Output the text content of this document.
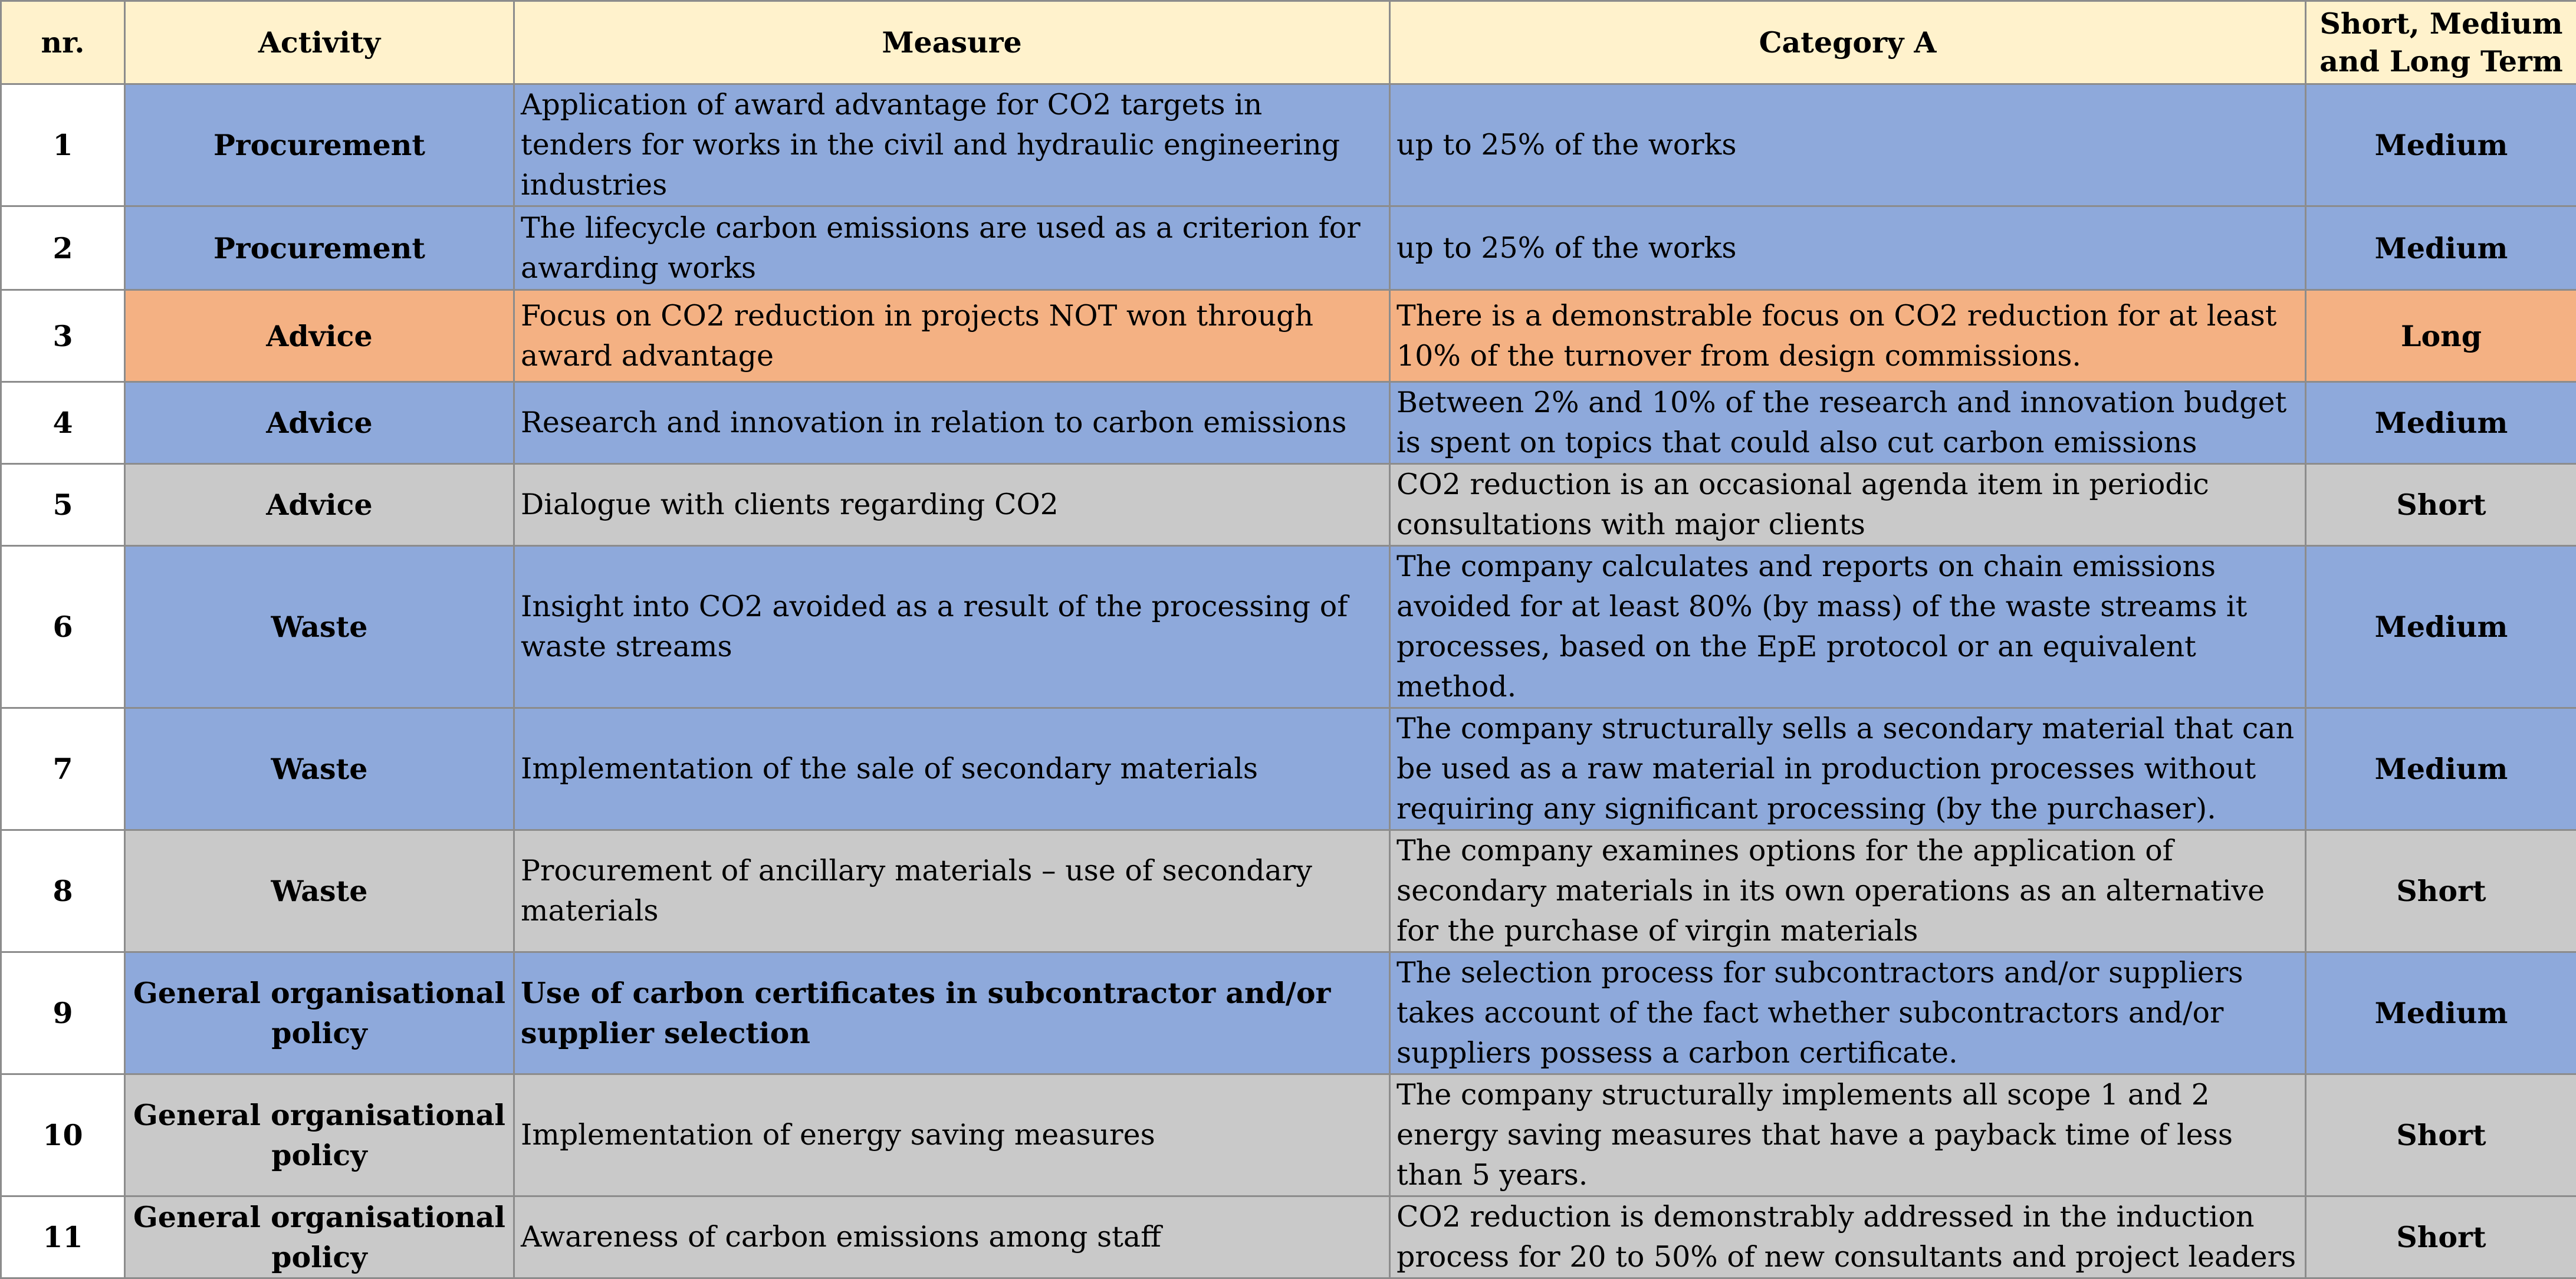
nr.	Activity	Measure	Category A	Short, Medium and Long Term
1	Procurement	Application of award advantage for CO2 targets in tenders for works in the civil and hydraulic engineering industries	up to 25% of the works	Medium
2	Procurement	The lifecycle carbon emissions are used as a criterion for awarding works	up to 25% of the works	Medium
3	Advice	Focus on CO2 reduction in projects NOT won through award advantage	There is a demonstrable focus on CO2 reduction for at least 10% of the turnover from design commissions.	Long
4	Advice	Research and innovation in relation to carbon emissions	Between 2% and 10% of the research and innovation budget is spent on topics that could also cut carbon emissions	Medium
5	Advice	Dialogue with clients regarding CO2	CO2 reduction is an occasional agenda item in periodic consultations with major clients	Short
6	Waste	Insight into CO2 avoided as a result of the processing of waste streams	The company calculates and reports on chain emissions avoided for at least 80% (by mass) of the waste streams it processes, based on the EpE protocol or an equivalent method.	Medium
7	Waste	Implementation of the sale of secondary materials	The company structurally sells a secondary material that can be used as a raw material in production processes without requiring any significant processing (by the purchaser).	Medium
8	Waste	Procurement of ancillary materials – use of secondary materials	The company examines options for the application of secondary materials in its own operations as an alternative for the purchase of virgin materials	Short
9	General organisational policy	Use of carbon certificates in subcontractor and/or supplier selection	The selection process for subcontractors and/or suppliers takes account of the fact whether subcontractors and/or suppliers possess a carbon certificate.	Medium
10	General organisational policy	Implementation of energy saving measures	The company structurally implements all scope 1 and 2 energy saving measures that have a payback time of less than 5 years.	Short
11	General organisational policy	Awareness of carbon emissions among staff	CO2 reduction is demonstrably addressed in the induction process for 20 to 50% of new consultants and project leaders	Short
